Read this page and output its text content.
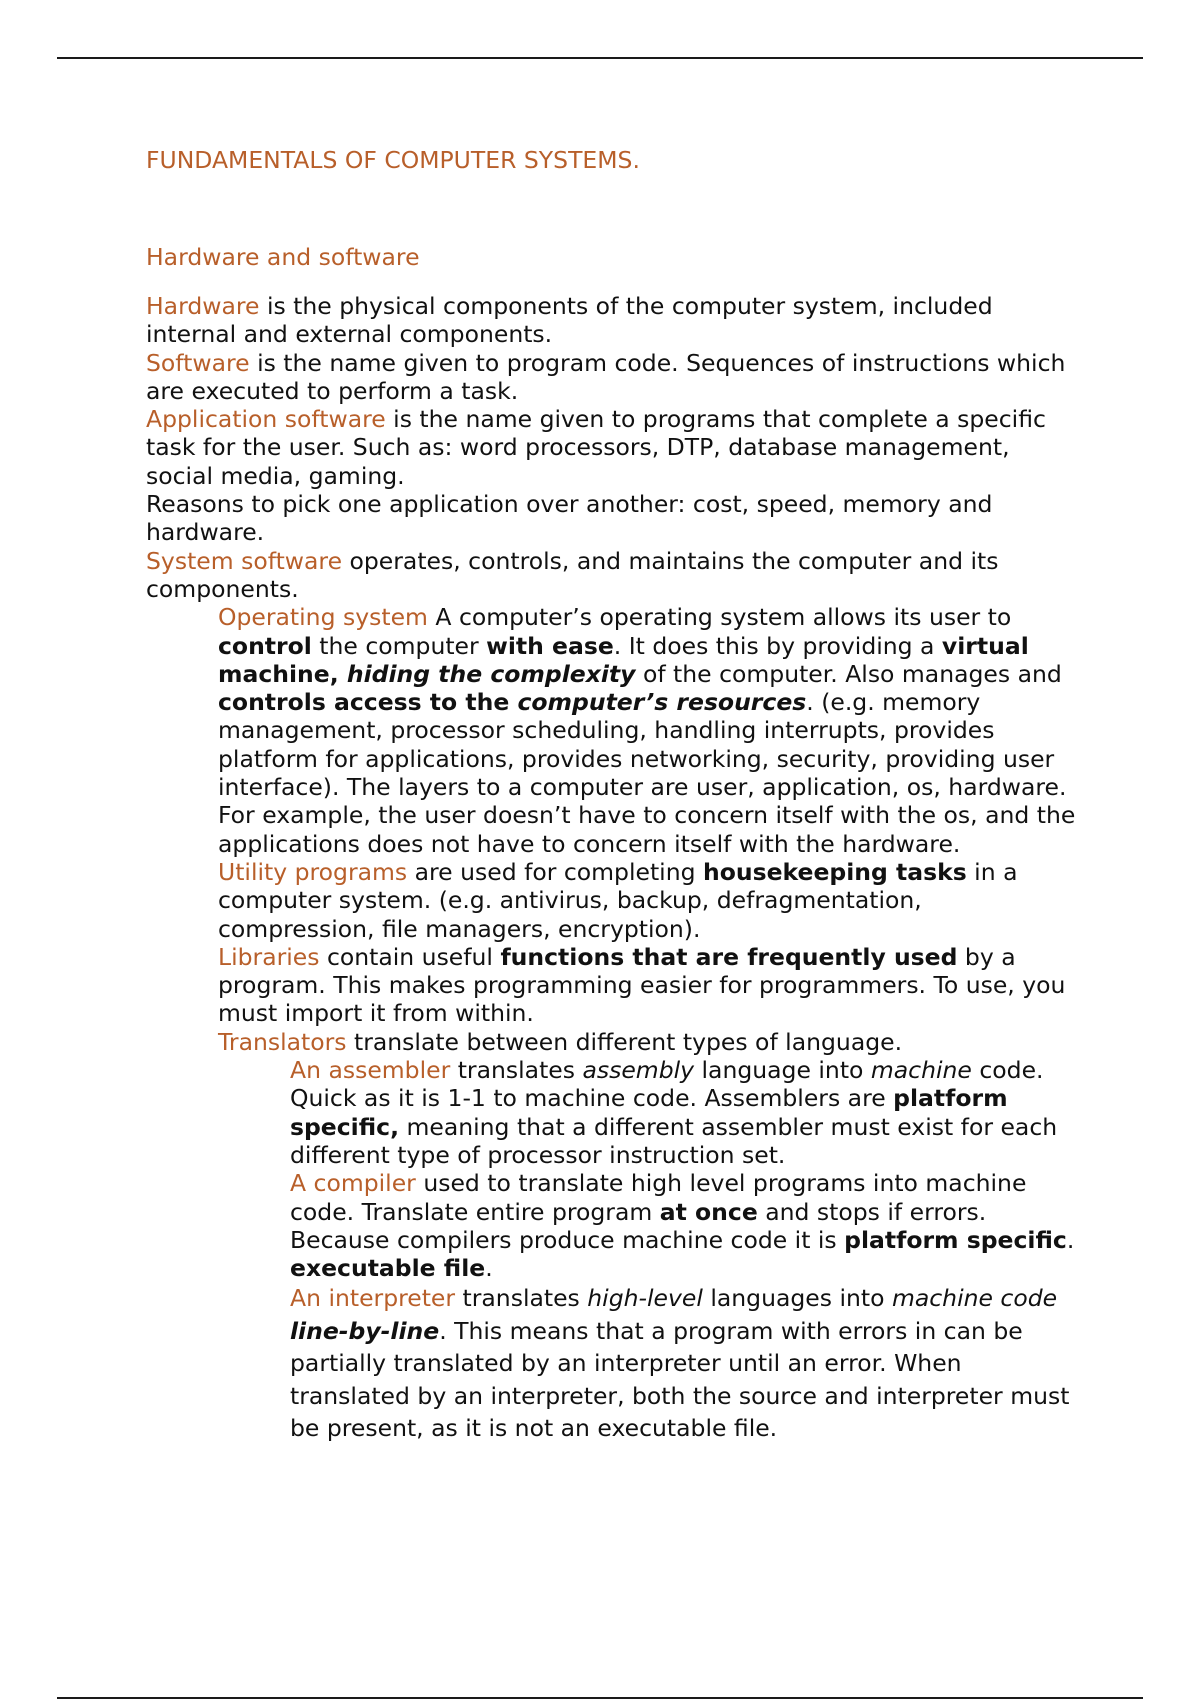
FUNDAMENTALS OF COMPUTER SYSTEMS.
Hardware and software

Hardware is the physical components of the computer system, included internal and external components.

Software is the name given to program code. Sequences of instructions which are executed to perform a task.

Application software is the name given to programs that complete a specific task for the user. Such as: word processors, DTP, database management, social media, gaming.

Reasons to pick one application over another: cost, speed, memory and hardware.

System software operates, controls, and maintains the computer and its components.

Operating system A computer’s operating system allows its user to control the computer with ease. It does this by providing a virtual machine, hiding the complexity of the computer. Also manages and controls access to the computer’s resources. (e.g. memory management, processor scheduling, handling interrupts, provides platform for applications, provides networking, security, providing user interface). The layers to a computer are user, application, os, hardware. For example, the user doesn’t have to concern itself with the os, and the applications does not have to concern itself with the hardware.

Utility programs are used for completing housekeeping tasks in a computer system. (e.g. antivirus, backup, defragmentation, compression, file managers, encryption).

Libraries contain useful functions that are frequently used by a program. This makes programming easier for programmers. To use, you must import it from within.

Translators translate between different types of language.

An assembler translates assembly language into machine code. Quick as it is 1-1 to machine code. Assemblers are platform specific, meaning that a different assembler must exist for each different type of processor instruction set.

A compiler used to translate high level programs into machine code. Translate entire program at once and stops if errors. Because compilers produce machine code it is platform specific. executable file.

An interpreter translates high-level languages into machine code line-by-line. This means that a program with errors in can be partially translated by an interpreter until an error. When translated by an interpreter, both the source and interpreter must be present, as it is not an executable file.
